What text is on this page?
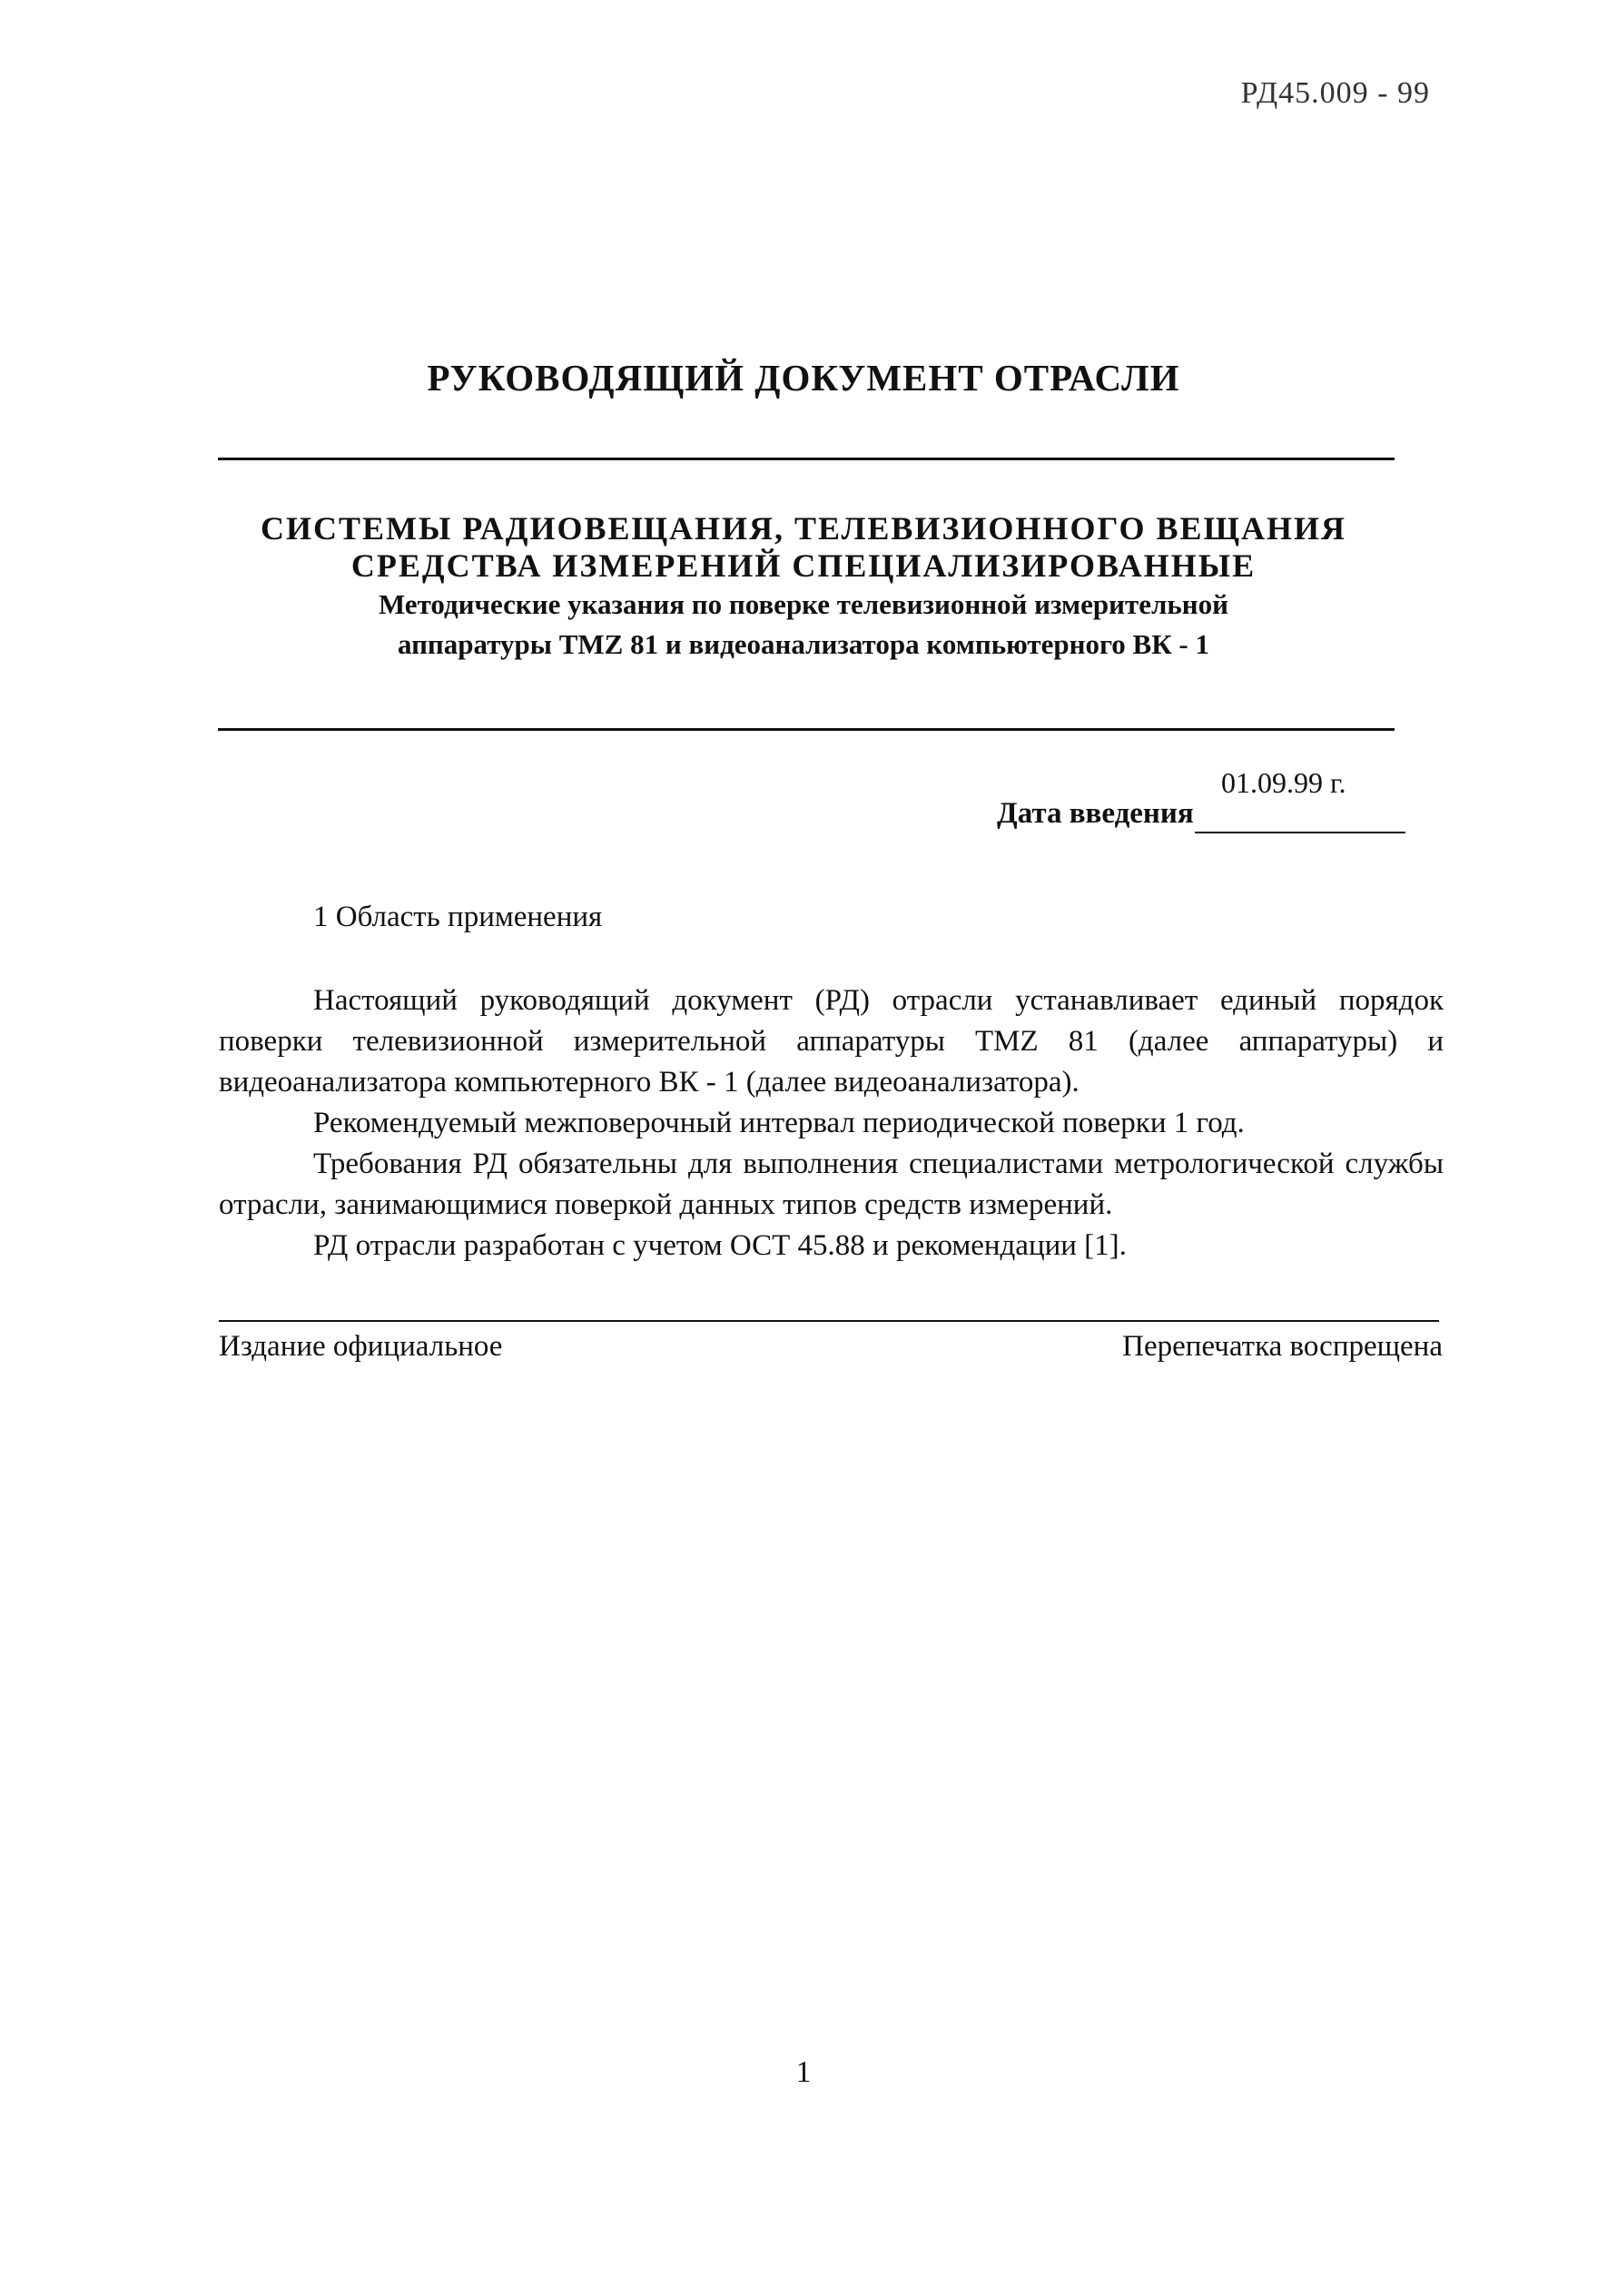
РД45.009 - 99
РУКОВОДЯЩИЙ ДОКУМЕНТ ОТРАСЛИ
СИСТЕМЫ РАДИОВЕЩАНИЯ, ТЕЛЕВИЗИОННОГО ВЕЩАНИЯ
СРЕДСТВА ИЗМЕРЕНИЙ СПЕЦИАЛИЗИРОВАННЫЕ
Методические указания по поверке телевизионной измерительной
аппаратуры TMZ 81 и видеоанализатора компьютерного ВК - 1
01.09.99 г.
Дата введения
1 Область применения

Настоящий руководящий документ (РД) отрасли устанавливает единый порядок поверки телевизионной измерительной аппаратуры TMZ 81 (далее аппаратуры) и видеоанализатора компьютерного ВК - 1 (далее видеоанализатора).

Рекомендуемый межповерочный интервал периодической поверки 1 год.

Требования РД обязательны для выполнения специалистами метрологической службы отрасли, занимающимися поверкой данных типов средств измерений.

РД отрасли разработан с учетом ОСТ 45.88 и рекомендации [1].

Издание официальное	Перепечатка воспрещена
1
